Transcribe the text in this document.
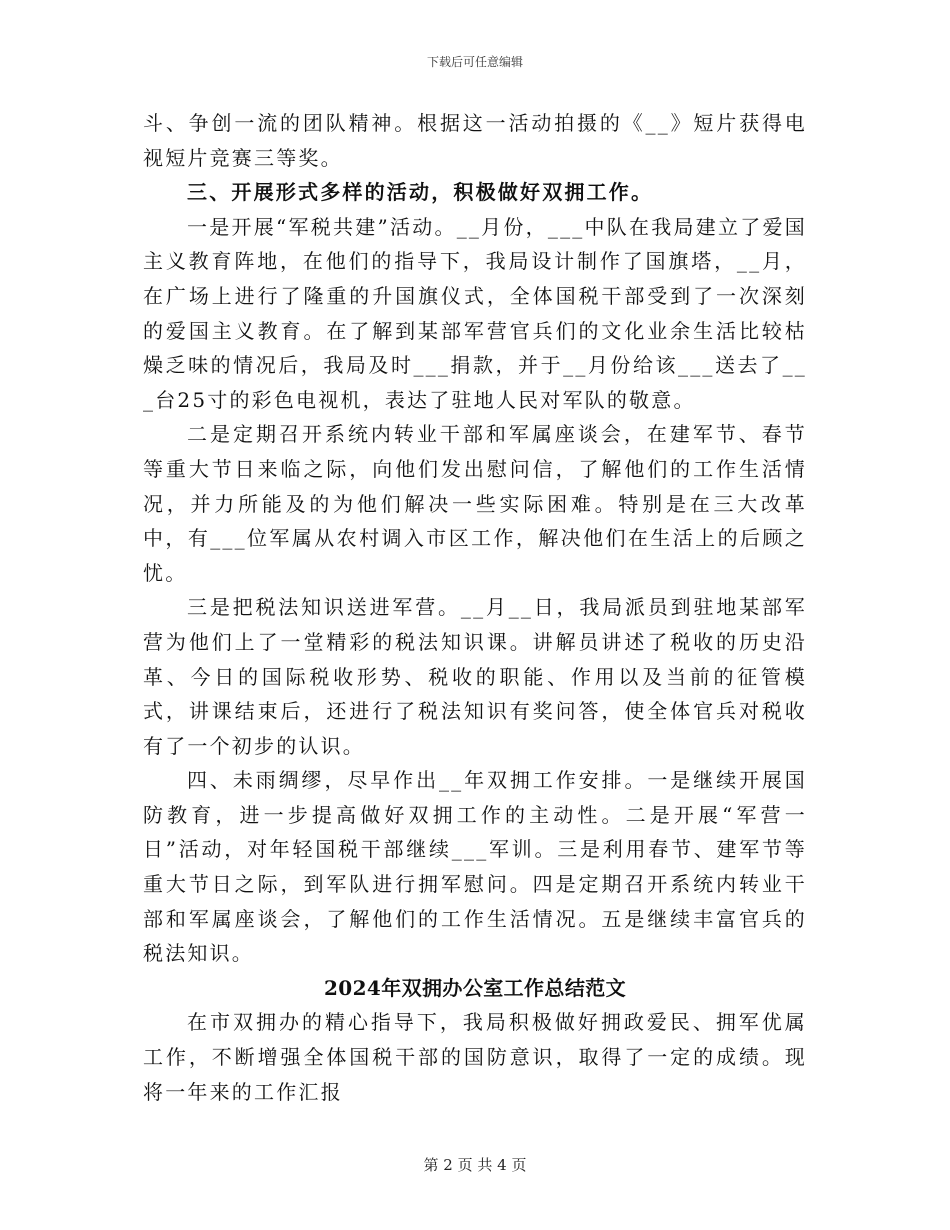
下载后可任意编辑

斗、争创一流的团队精神。根据这一活动拍摄的《__》短片获得电视短片竞赛三等奖。

三、开展形式多样的活动，积极做好双拥工作。

一是开展“军税共建”活动。__月份，___中队在我局建立了爱国主义教育阵地，在他们的指导下，我局设计制作了国旗塔，__月，在广场上进行了隆重的升国旗仪式，全体国税干部受到了一次深刻的爱国主义教育。在了解到某部军营官兵们的文化业余生活比较枯燥乏味的情况后，我局及时___捐款，并于__月份给该___送去了___台25寸的彩色电视机，表达了驻地人民对军队的敬意。

二是定期召开系统内转业干部和军属座谈会，在建军节、春节等重大节日来临之际，向他们发出慰问信，了解他们的工作生活情况，并力所能及的为他们解决一些实际困难。特别是在三大改革中，有___位军属从农村调入市区工作，解决他们在生活上的后顾之忧。

三是把税法知识送进军营。__月__日，我局派员到驻地某部军营为他们上了一堂精彩的税法知识课。讲解员讲述了税收的历史沿革、今日的国际税收形势、税收的职能、作用以及当前的征管模式，讲课结束后，还进行了税法知识有奖问答，使全体官兵对税收有了一个初步的认识。

四、未雨绸缪，尽早作出__年双拥工作安排。一是继续开展国防教育，进一步提高做好双拥工作的主动性。二是开展“军营一日”活动，对年轻国税干部继续___军训。三是利用春节、建军节等重大节日之际，到军队进行拥军慰问。四是定期召开系统内转业干部和军属座谈会，了解他们的工作生活情况。五是继续丰富官兵的税法知识。

2024年双拥办公室工作总结范文

在市双拥办的精心指导下，我局积极做好拥政爱民、拥军优属工作，不断增强全体国税干部的国防意识，取得了一定的成绩。现将一年来的工作汇报

第 2 页 共 4 页
